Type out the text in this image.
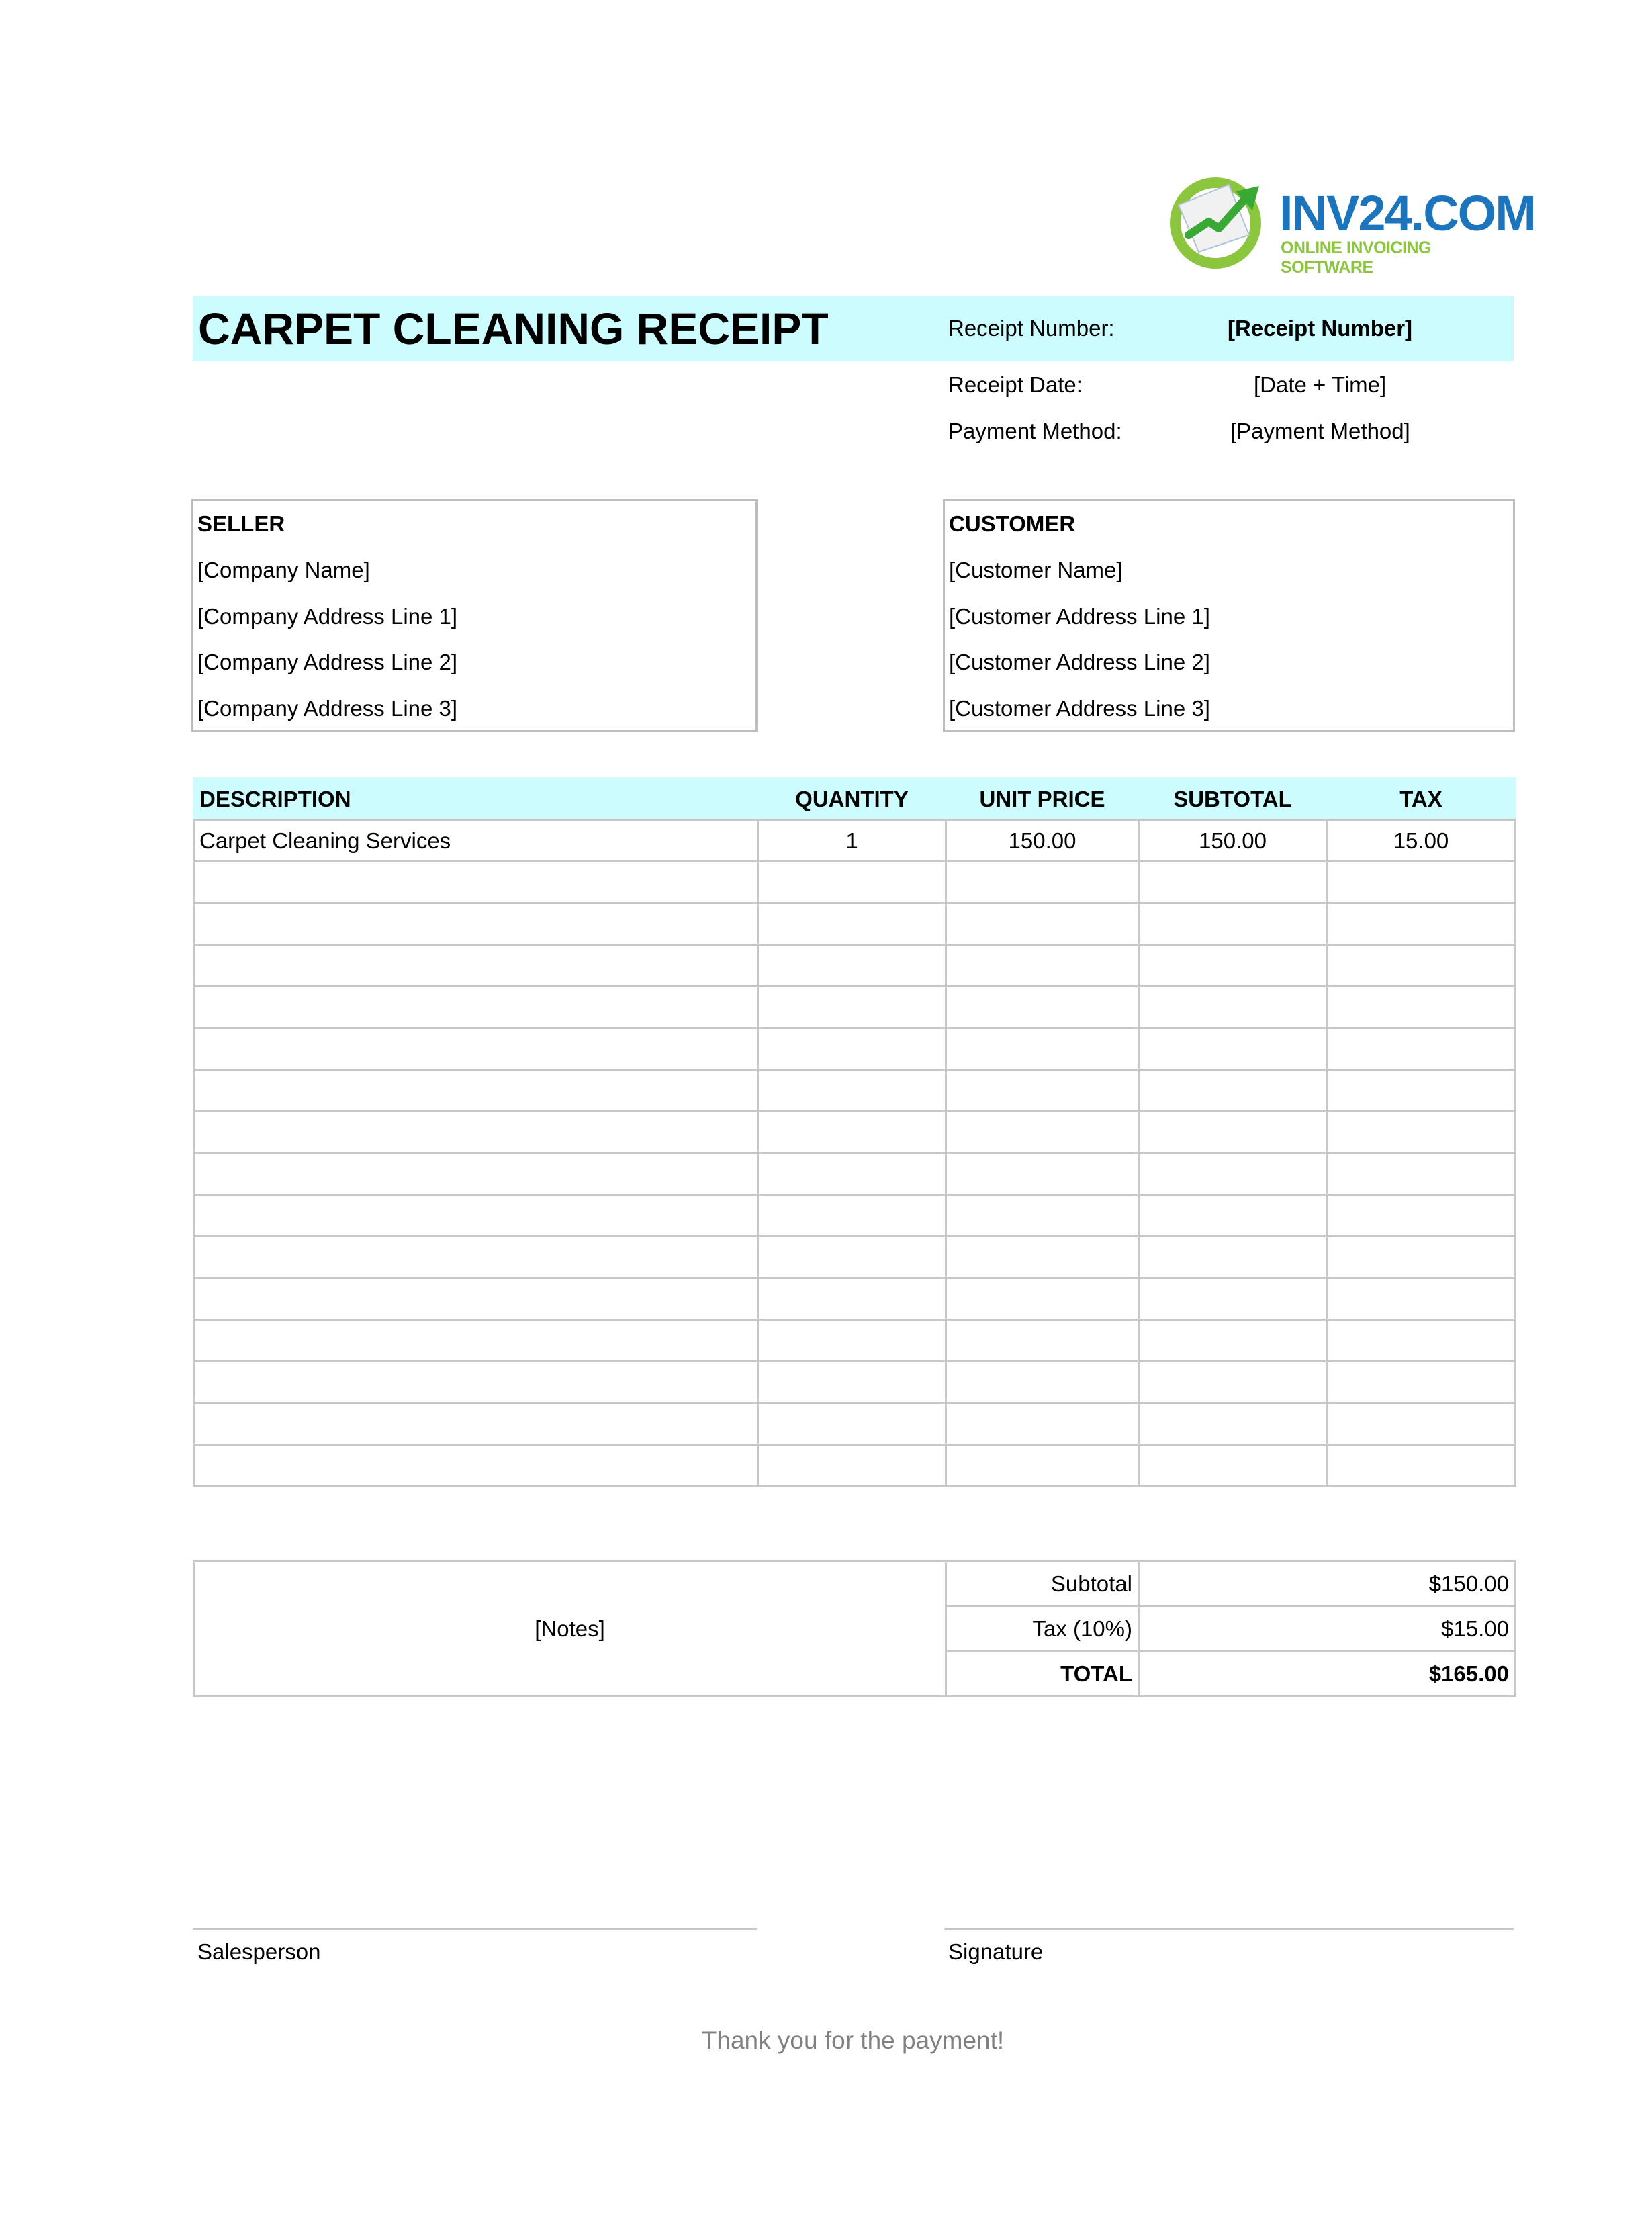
INV24.COM
ONLINE INVOICING SOFTWARE
CARPET CLEANING RECEIPT	Receipt Number:	[Receipt Number]
Receipt Date:	[Date + Time]
Payment Method:	[Payment Method]
SELLER
[Company Name]
[Company Address Line 1]
[Company Address Line 2]
[Company Address Line 3]
CUSTOMER
[Customer Name]
[Customer Address Line 1]
[Customer Address Line 2]
[Customer Address Line 3]
DESCRIPTION	QUANTITY	UNIT PRICE	SUBTOTAL	TAX
Carpet Cleaning Services	1	150.00	150.00	15.00

[Notes]	Subtotal	$150.00
	Tax (10%)	$15.00
	TOTAL	$165.00
Salesperson	Signature
Thank you for the payment!
